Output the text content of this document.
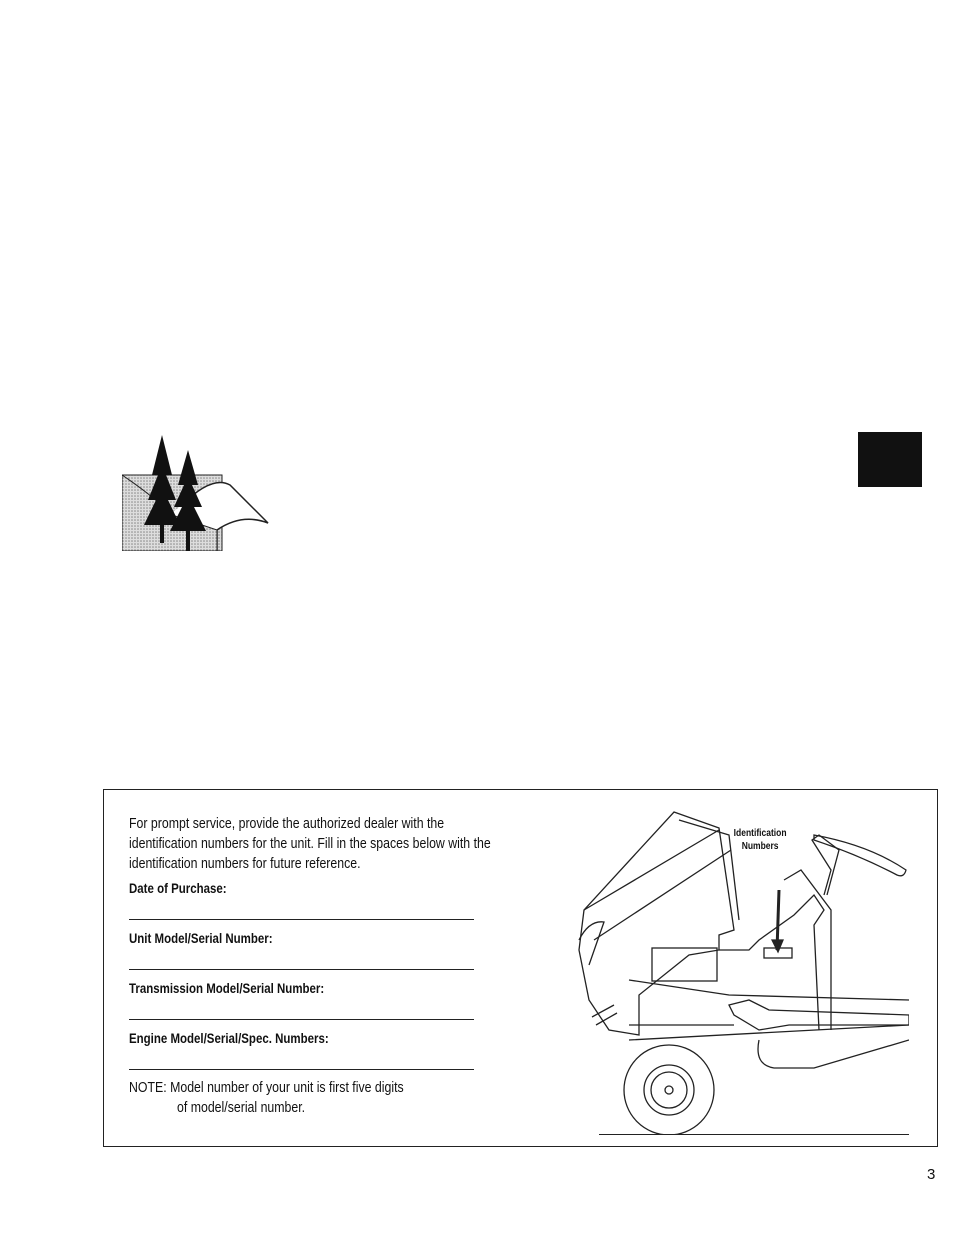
For prompt service, provide the authorized dealer with the
identification numbers for the unit. Fill in the spaces below with the
identification numbers for future reference.
Date of Purchase:
Unit Model/Serial Number:
Transmission Model/Serial Number:
Engine Model/Serial/Spec. Numbers:
NOTE: Model number of your unit is first five digits
of model/serial number.
Identification
Numbers
3
